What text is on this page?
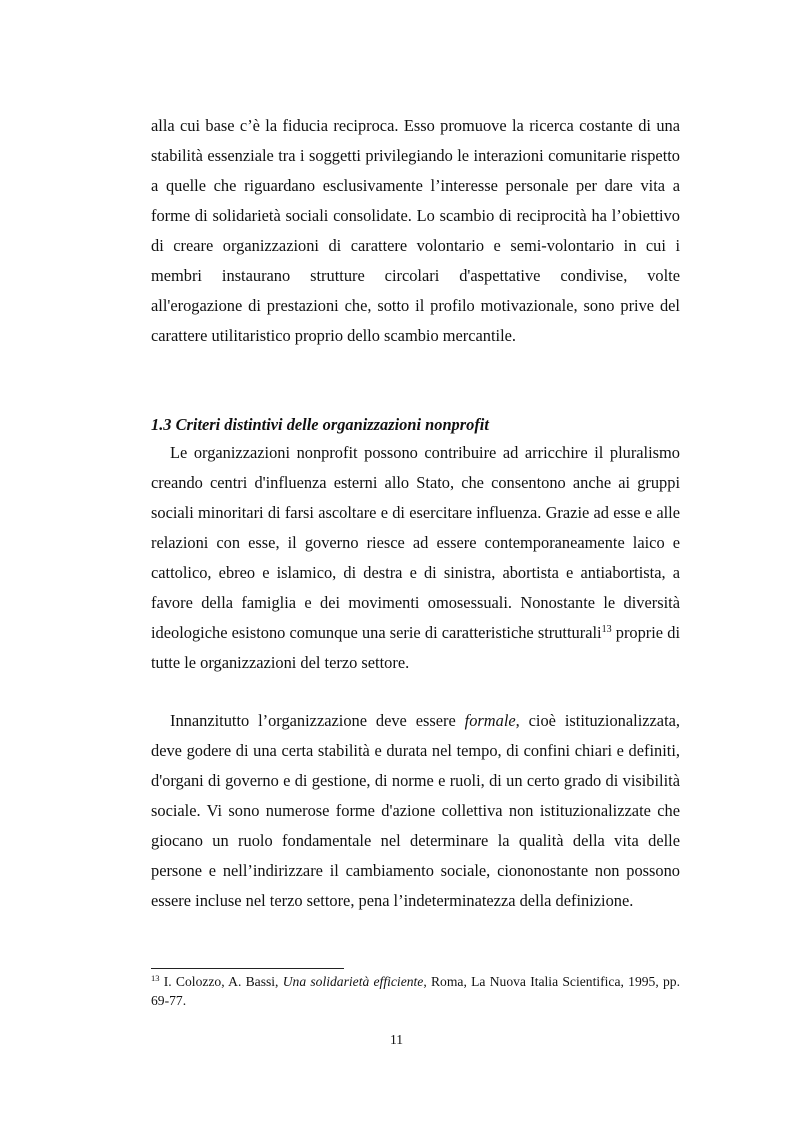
alla cui base c’è la fiducia reciproca. Esso promuove la ricerca costante di una stabilità essenziale tra i soggetti privilegiando le interazioni comunitarie rispetto a quelle che riguardano esclusivamente l’interesse personale per dare vita a forme di solidarietà sociali consolidate. Lo scambio di reciprocità ha l’obiettivo di creare organizzazioni di carattere volontario e semi-volontario in cui i membri instaurano strutture circolari d'aspettative condivise, volte all'erogazione di prestazioni che, sotto il profilo motivazionale, sono prive del carattere utilitaristico proprio dello scambio mercantile.

1.3 Criteri distintivi delle organizzazioni nonprofit

Le organizzazioni nonprofit possono contribuire ad arricchire il pluralismo creando centri d'influenza esterni allo Stato, che consentono anche ai gruppi sociali minoritari di farsi ascoltare e di esercitare influenza. Grazie ad esse e alle relazioni con esse, il governo riesce ad essere contemporaneamente laico e cattolico, ebreo e islamico, di destra e di sinistra, abortista e antiabortista, a favore della famiglia e dei movimenti omosessuali. Nonostante le diversità ideologiche esistono comunque una serie di caratteristiche strutturali$^{13}$ proprie di tutte le organizzazioni del terzo settore.

Innanzitutto l’organizzazione deve essere formale, cioè istituzionalizzata, deve godere di una certa stabilità e durata nel tempo, di confini chiari e definiti, d'organi di governo e di gestione, di norme e ruoli, di un certo grado di visibilità sociale. Vi sono numerose forme d'azione collettiva non istituzionalizzate che giocano un ruolo fondamentale nel determinare la qualità della vita delle persone e nell’indirizzare il cambiamento sociale, ciononostante non possono essere incluse nel terzo settore, pena l’indeterminatezza della definizione.

$^{13}$ I. Colozzo, A. Bassi, Una solidarietà efficiente, Roma, La Nuova Italia Scientifica, 1995, pp. 69-77.

11
